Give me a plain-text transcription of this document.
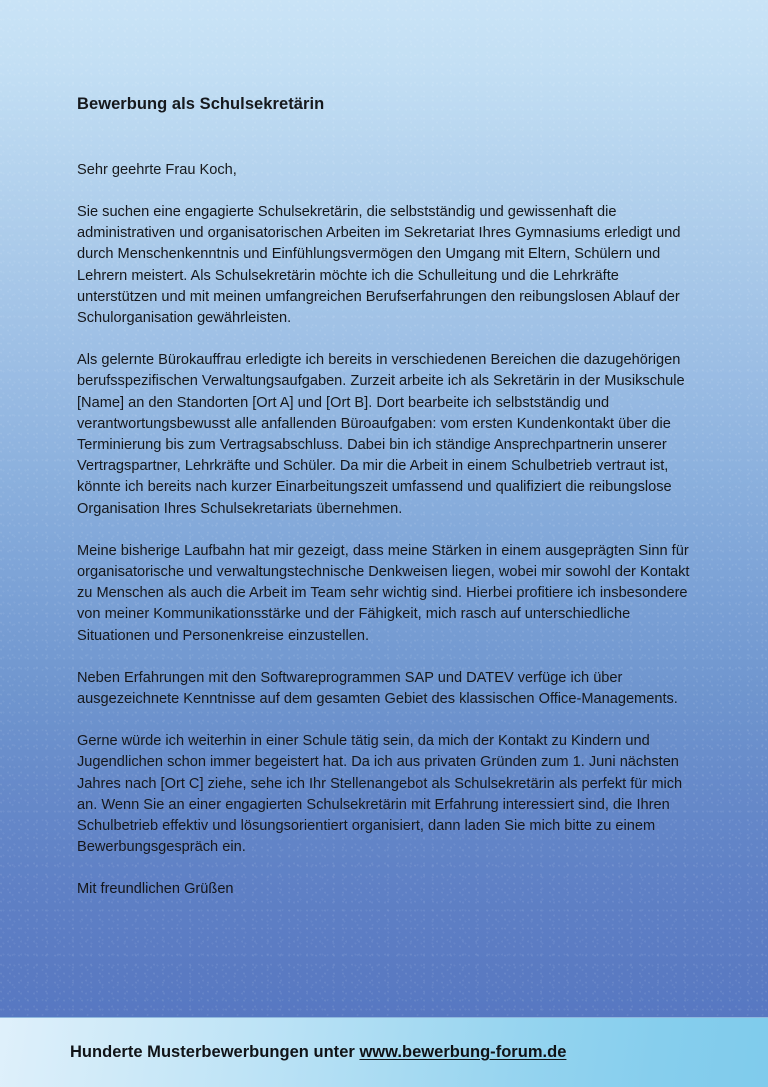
Bewerbung als Schulsekretärin

Sehr geehrte Frau Koch,

Sie suchen eine engagierte Schulsekretärin, die selbstständig und gewissenhaft die administrativen und organisatorischen Arbeiten im Sekretariat Ihres Gymnasiums erledigt und durch Menschenkenntnis und Einfühlungsvermögen den Umgang mit Eltern, Schülern und Lehrern meistert. Als Schulsekretärin möchte ich die Schulleitung und die Lehrkräfte unterstützen und mit meinen umfangreichen Berufserfahrungen den reibungslosen Ablauf der Schulorganisation gewährleisten.

Als gelernte Bürokauffrau erledigte ich bereits in verschiedenen Bereichen die dazugehörigen berufsspezifischen Verwaltungsaufgaben. Zurzeit arbeite ich als Sekretärin in der Musikschule [Name] an den Standorten [Ort A] und [Ort B]. Dort bearbeite ich selbstständig und verantwortungsbewusst alle anfallenden Büroaufgaben: vom ersten Kundenkontakt über die Terminierung bis zum Vertragsabschluss. Dabei bin ich ständige Ansprechpartnerin unserer Vertragspartner, Lehrkräfte und Schüler. Da mir die Arbeit in einem Schulbetrieb vertraut ist, könnte ich bereits nach kurzer Einarbeitungszeit umfassend und qualifiziert die reibungslose Organisation Ihres Schulsekretariats übernehmen.

Meine bisherige Laufbahn hat mir gezeigt, dass meine Stärken in einem ausgeprägten Sinn für organisatorische und verwaltungstechnische Denkweisen liegen, wobei mir sowohl der Kontakt zu Menschen als auch die Arbeit im Team sehr wichtig sind. Hierbei profitiere ich insbesondere von meiner Kommunikationsstärke und der Fähigkeit, mich rasch auf unterschiedliche Situationen und Personenkreise einzustellen.

Neben Erfahrungen mit den Softwareprogrammen SAP und DATEV verfüge ich über ausgezeichnete Kenntnisse auf dem gesamten Gebiet des klassischen Office-Managements.

Gerne würde ich weiterhin in einer Schule tätig sein, da mich der Kontakt zu Kindern und Jugendlichen schon immer begeistert hat. Da ich aus privaten Gründen zum 1. Juni nächsten Jahres nach [Ort C] ziehe, sehe ich Ihr Stellenangebot als Schulsekretärin als perfekt für mich an. Wenn Sie an einer engagierten Schulsekretärin mit Erfahrung interessiert sind, die Ihren Schulbetrieb effektiv und lösungsorientiert organisiert, dann laden Sie mich bitte zu einem Bewerbungsgespräch ein.

Mit freundlichen Grüßen

Hunderte Musterbewerbungen unter www.bewerbung-forum.de
